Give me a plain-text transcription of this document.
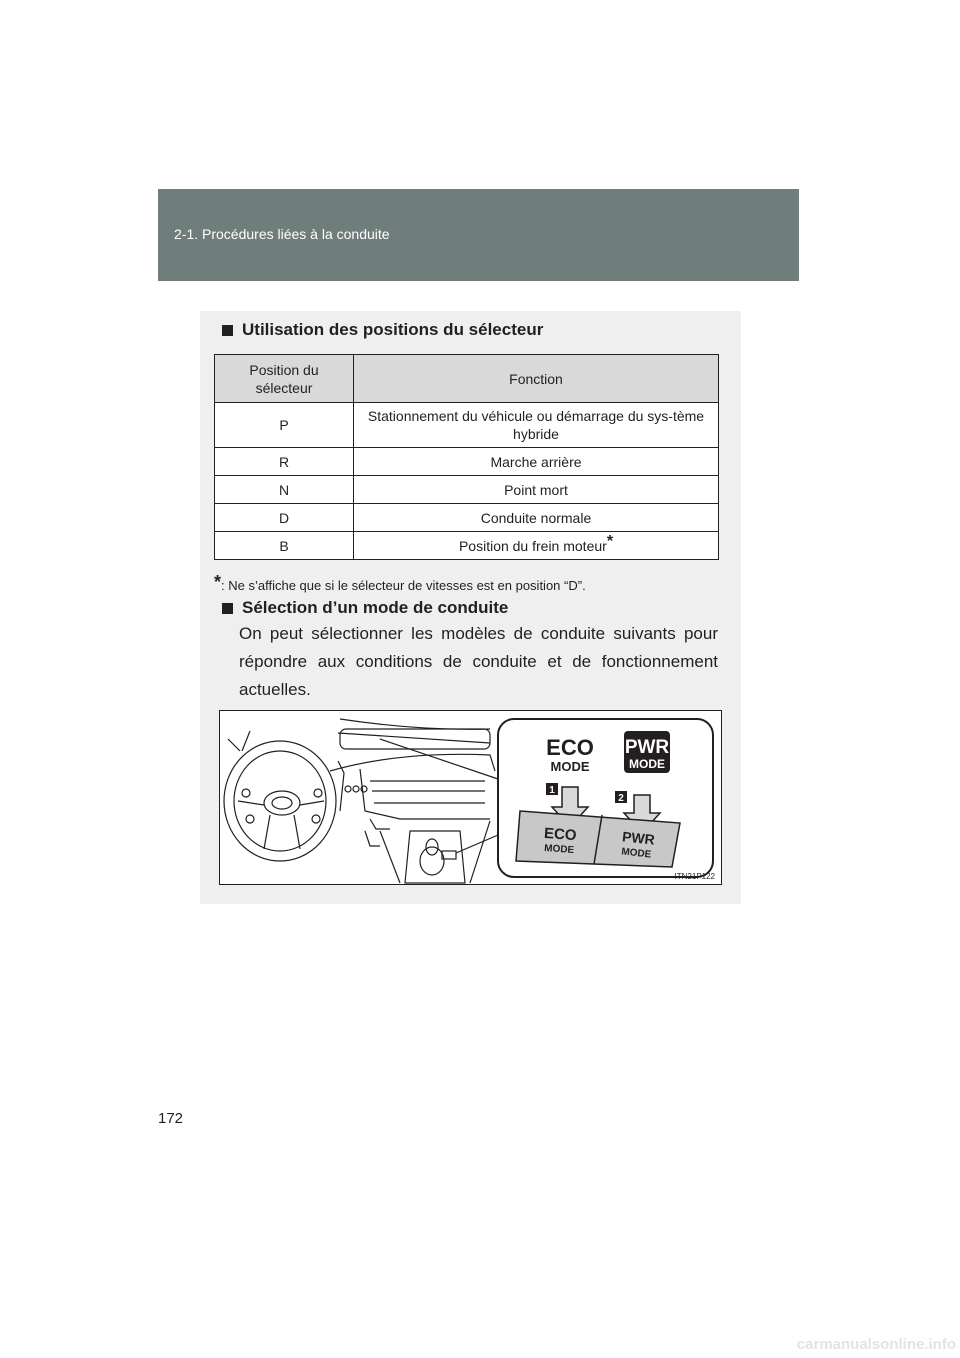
2-1. Procédures liées à la conduite
Utilisation des positions du sélecteur
Position du sélecteur	Fonction
P	Stationnement du véhicule ou démarrage du sys-tème hybride
R	Marche arrière
N	Point mort
D	Conduite normale
B	Position du frein moteur*
*: Ne s’affiche que si le sélecteur de vitesses est en position “D”.
Sélection d’un mode de conduite
On peut sélectionner les modèles de conduite suivants pour répondre aux conditions de conduite et de fonctionnement actuelles.
ECO
MODE
PWR
MODE
1
2
ECO
MODE
PWR
MODE
ITN21P122
172
carmanualsonline.info
